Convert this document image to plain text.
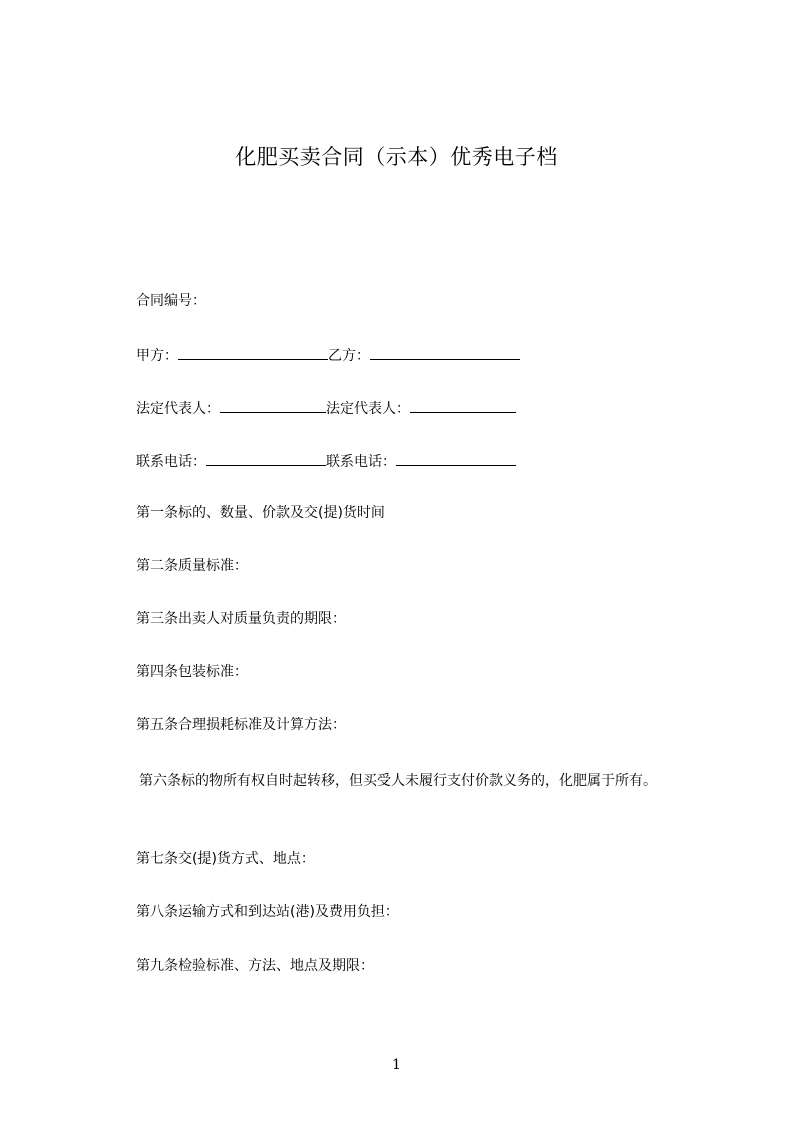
化肥买卖合同（示本）优秀电子档
合同编号：
甲方：	乙方：
法定代表人：	法定代表人：
联系电话：	联系电话：
第一条标的、数量、价款及交(提)货时间
第二条质量标准：
第三条出卖人对质量负责的期限：
第四条包装标准：
第五条合理损耗标准及计算方法：
第六条标的物所有权自时起转移，但买受人未履行支付价款义务的，化肥属于所有。
第七条交(提)货方式、地点：
第八条运输方式和到达站(港)及费用负担：
第九条检验标准、方法、地点及期限：
1
